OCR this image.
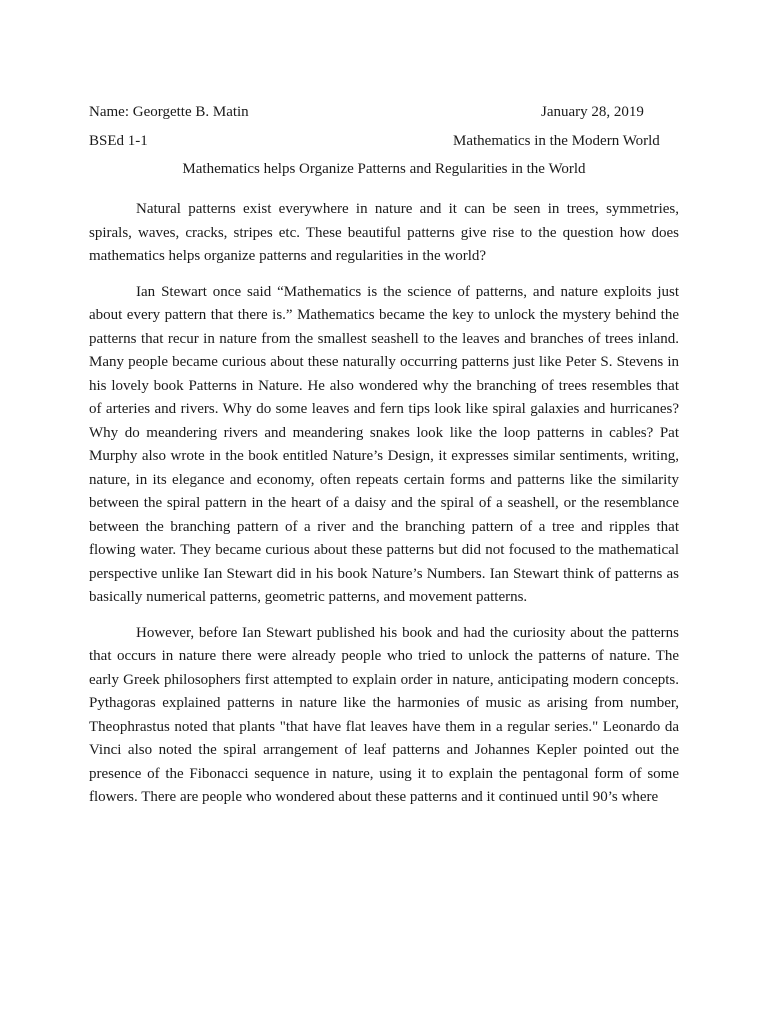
Name: Georgette B. Matin	January 28, 2019
BSEd 1-1	Mathematics in the Modern World
Mathematics helps Organize Patterns and Regularities in the World

Natural patterns exist everywhere in nature and it can be seen in trees, symmetries, spirals, waves, cracks, stripes etc. These beautiful patterns give rise to the question how does mathematics helps organize patterns and regularities in the world?

Ian Stewart once said “Mathematics is the science of patterns, and nature exploits just about every pattern that there is.” Mathematics became the key to unlock the mystery behind the patterns that recur in nature from the smallest seashell to the leaves and branches of trees inland. Many people became curious about these naturally occurring patterns just like Peter S. Stevens in his lovely book Patterns in Nature. He also wondered why the branching of trees resembles that of arteries and rivers. Why do some leaves and fern tips look like spiral galaxies and hurricanes? Why do meandering rivers and meandering snakes look like the loop patterns in cables? Pat Murphy also wrote in the book entitled Nature’s Design, it expresses similar sentiments, writing, nature, in its elegance and economy, often repeats certain forms and patterns like the similarity between the spiral pattern in the heart of a daisy and the spiral of a seashell, or the resemblance between the branching pattern of a river and the branching pattern of a tree and ripples that flowing water. They became curious about these patterns but did not focused to the mathematical perspective unlike Ian Stewart did in his book Nature’s Numbers. Ian Stewart think of patterns as basically numerical patterns, geometric patterns, and movement patterns.

However, before Ian Stewart published his book and had the curiosity about the patterns that occurs in nature there were already people who tried to unlock the patterns of nature. The early Greek philosophers first attempted to explain order in nature, anticipating modern concepts. Pythagoras explained patterns in nature like the harmonies of music as arising from number, Theophrastus noted that plants "that have flat leaves have them in a regular series." Leonardo da Vinci also noted the spiral arrangement of leaf patterns and Johannes Kepler pointed out the presence of the Fibonacci sequence in nature, using it to explain the pentagonal form of some flowers. There are people who wondered about these patterns and it continued until 90’s where
